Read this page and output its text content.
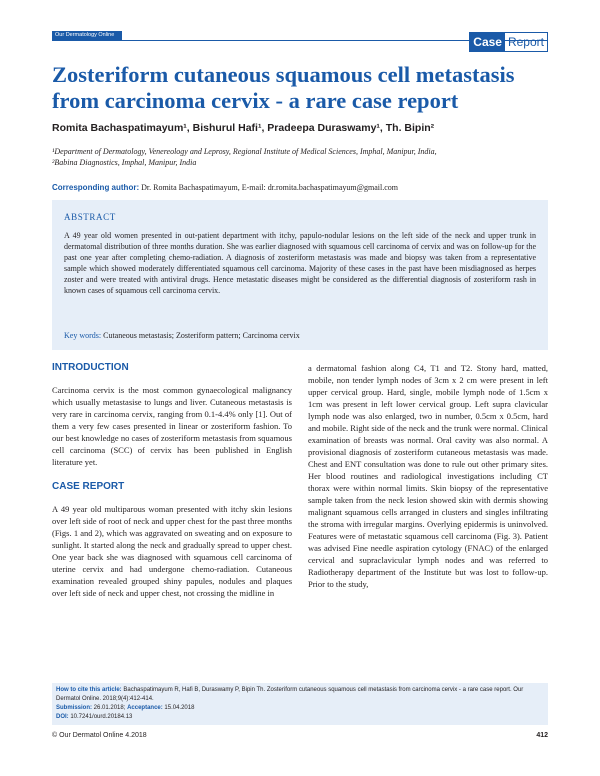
Our Dermatology Online	Case Report
Zosteriform cutaneous squamous cell metastasis from carcinoma cervix - a rare case report
Romita Bachaspatimayum¹, Bishurul Hafi¹, Pradeepa Duraswamy¹, Th. Bipin²
¹Department of Dermatology, Venereology and Leprosy, Regional Institute of Medical Sciences, Imphal, Manipur, India,
²Babina Diagnostics, Imphal, Manipur, India
Corresponding author: Dr. Romita Bachaspatimayum, E-mail: dr.romita.bachaspatimayum@gmail.com
ABSTRACT

A 49 year old women presented in out-patient department with itchy, papulo-nodular lesions on the left side of the neck and upper trunk in dermatomal distribution of three months duration. She was earlier diagnosed with squamous cell carcinoma of cervix and was on follow-up for the past one year after completing chemo-radiation. A diagnosis of zosteriform metastasis was made and biopsy was taken from a representative sample which showed moderately differentiated squamous cell carcinoma. Majority of these cases in the past have been misdiagnosed as herpes zoster and were treated with antiviral drugs. Hence metastatic diseases might be considered as the differential diagnosis of zosteriform rash in known cases of squamous cell carcinoma cervix.

Key words: Cutaneous metastasis; Zosteriform pattern; Carcinoma cervix
INTRODUCTION

Carcinoma cervix is the most common gynaecological malignancy which usually metastasise to lungs and liver. Cutaneous metastasis is very rare in carcinoma cervix, ranging from 0.1-4.4% only [1]. Out of them a very few cases presented in linear or zosteriform fashion. To our best knowledge no cases of zosteriform metastasis from squamous cell carcinoma (SCC) of cervix has been published in English literature yet.

CASE REPORT

A 49 year old multiparous woman presented with itchy skin lesions over left side of root of neck and upper chest for the past three months (Figs. 1 and 2), which was aggravated on sweating and on exposure to sunlight. It started along the neck and gradually spread to upper chest. One year back she was diagnosed with squamous cell carcinoma of uterine cervix and had undergone chemo-radiation. Cutaneous examination revealed grouped shiny papules, nodules and plaques over left side of neck and upper chest, not crossing the midline in

a dermatomal fashion along C4, T1 and T2. Stony hard, matted, mobile, non tender lymph nodes of 3cm x 2 cm were present in left upper cervical group. Hard, single, mobile lymph node of 1.5cm x 1cm was present in left lower cervical group. Left supra clavicular lymph node was also enlarged, two in number, 0.5cm x 0.5cm, hard and mobile. Right side of the neck and the trunk were normal. Clinical examination of breasts was normal. Oral cavity was also normal. A provisional diagnosis of zosteriform cutaneous metastasis was made. Chest and ENT consultation was done to rule out other primary sites. Her blood routines and radiological investigations including CT thorax were within normal limits. Skin biopsy of the representative sample taken from the neck lesion showed skin with dermis showing malignant squamous cells arranged in clusters and singles infiltrating the stroma with irregular margins. Overlying epidermis is uninvolved. Features were of metastatic squamous cell carcinoma (Fig. 3). Patient was advised Fine needle aspiration cytology (FNAC) of the enlarged cervical and supraclavicular lymph nodes and was referred to Radiotherapy department of the Institute but was lost to follow-up. Prior to the study,

How to cite this article: Bachaspatimayum R, Hafi B, Duraswamy P, Bipin Th. Zosteriform cutaneous squamous cell metastasis from carcinoma cervix - a rare case report. Our Dermatol Online. 2018;9(4):412-414.
Submission: 26.01.2018; Acceptance: 15.04.2018
DOI: 10.7241/ourd.20184.13
© Our Dermatol Online 4.2018	412
